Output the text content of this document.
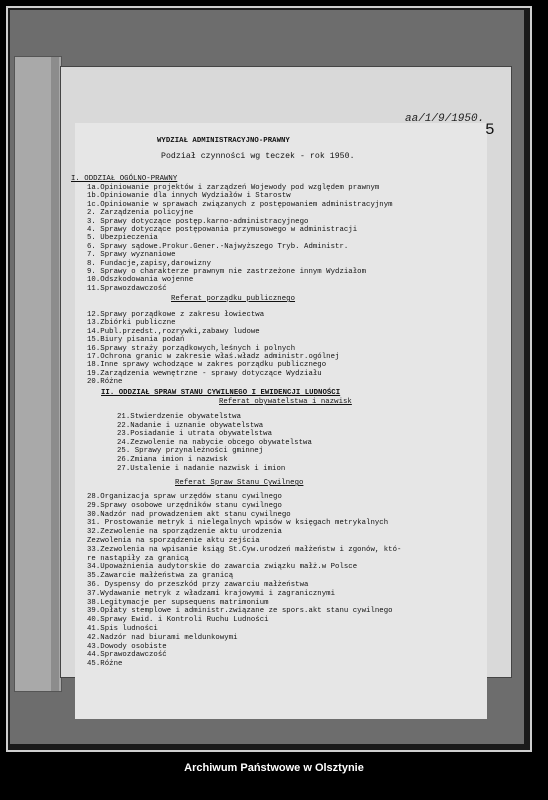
aa/1/9/1950.
5
WYDZIAŁ ADMINISTRACYJNO-PRAWNY
Podział czynności wg teczek - rok 1950.
I. ODDZIAŁ OGÓLNO-PRAWNY
1a.Opiniowanie projektów i zarządzeń Wojewody pod względem prawnym
1b.Opiniowanie dla innych Wydziałów i Starostw
1c.Opiniowanie w sprawach związanych z postępowaniem administracyjnym
2. Zarządzenia policyjne
3. Sprawy dotyczące postęp.karno-administracyjnego
4. Sprawy dotyczące postępowania przymusowego w administracji
5. Ubezpieczenia
6. Sprawy sądowe.Prokur.Gener.-Najwyższego Tryb. Administr.
7. Sprawy wyznaniowe
8. Fundacje,zapisy,darowizny
9. Sprawy o charakterze prawnym nie zastrzeżone innym Wydziałom
10.Odszkodowania wojenne
11.Sprawozdawczość
Referat porządku publicznego
12.Sprawy porządkowe z zakresu łowiectwa
13.Zbiórki publiczne
14.Publ.przedst.,rozrywki,zabawy ludowe
15.Biury pisania podań
16.Sprawy straży porządkowych,leśnych i polnych
17.Ochrona granic w zakresie właś.władz administr.ogólnej
18.Inne sprawy wchodzące w zakres porządku publicznego
19.Zarządzenia wewnętrzne - sprawy dotyczące Wydziału
20.Różne
II. ODDZIAŁ SPRAW STANU CYWILNEGO I EWIDENCJI LUDNOŚCI
Referat obywatelstwa i nazwisk
21.Stwierdzenie obywatelstwa
22.Nadanie i uznanie obywatelstwa
23.Posiadanie i utrata obywatelstwa
24.Zezwolenie na nabycie obcego obywatelstwa
25. Sprawy przynależności gminnej
26.Zmiana imion i nazwisk
27.Ustalenie i nadanie nazwisk i imion
Referat Spraw Stanu Cywilnego
28.Organizacja spraw urzędów stanu cywilnego
29.Sprawy osobowe urzędników stanu cywilnego
30.Nadzór nad prowadzeniem akt stanu cywilnego
31. Prostowanie metryk i nielegalnych wpisów w księgach metrykalnych
32.Zezwolenie na sporządzenie aktu urodzenia
Zezwolenia na sporządzenie aktu zejścia
33.Zezwolenia na wpisanie ksiąg St.Cyw.urodzeń małżeństw i zgonów, któ-
re nastąpiły za granicą
34.Upoważnienia audytorskie do zawarcia związku małż.w Polsce
35.Zawarcie małżeństwa za granicą
36. Dyspensy do przeszkód przy zawarciu małżeństwa
37.Wydawanie metryk z władzami krajowymi i zagranicznymi
38.Legitymacje per supsequens matrimonium
39.Opłaty stemplowe i administr.związane ze spors.akt stanu cywilnego
40.Sprawy Ewid. i Kontroli Ruchu Ludności
41.Spis ludności
42.Nadzór nad biurami meldunkowymi
43.Dowody osobiste
44.Sprawozdawczość
45.Różne
Archiwum Państwowe w Olsztynie
